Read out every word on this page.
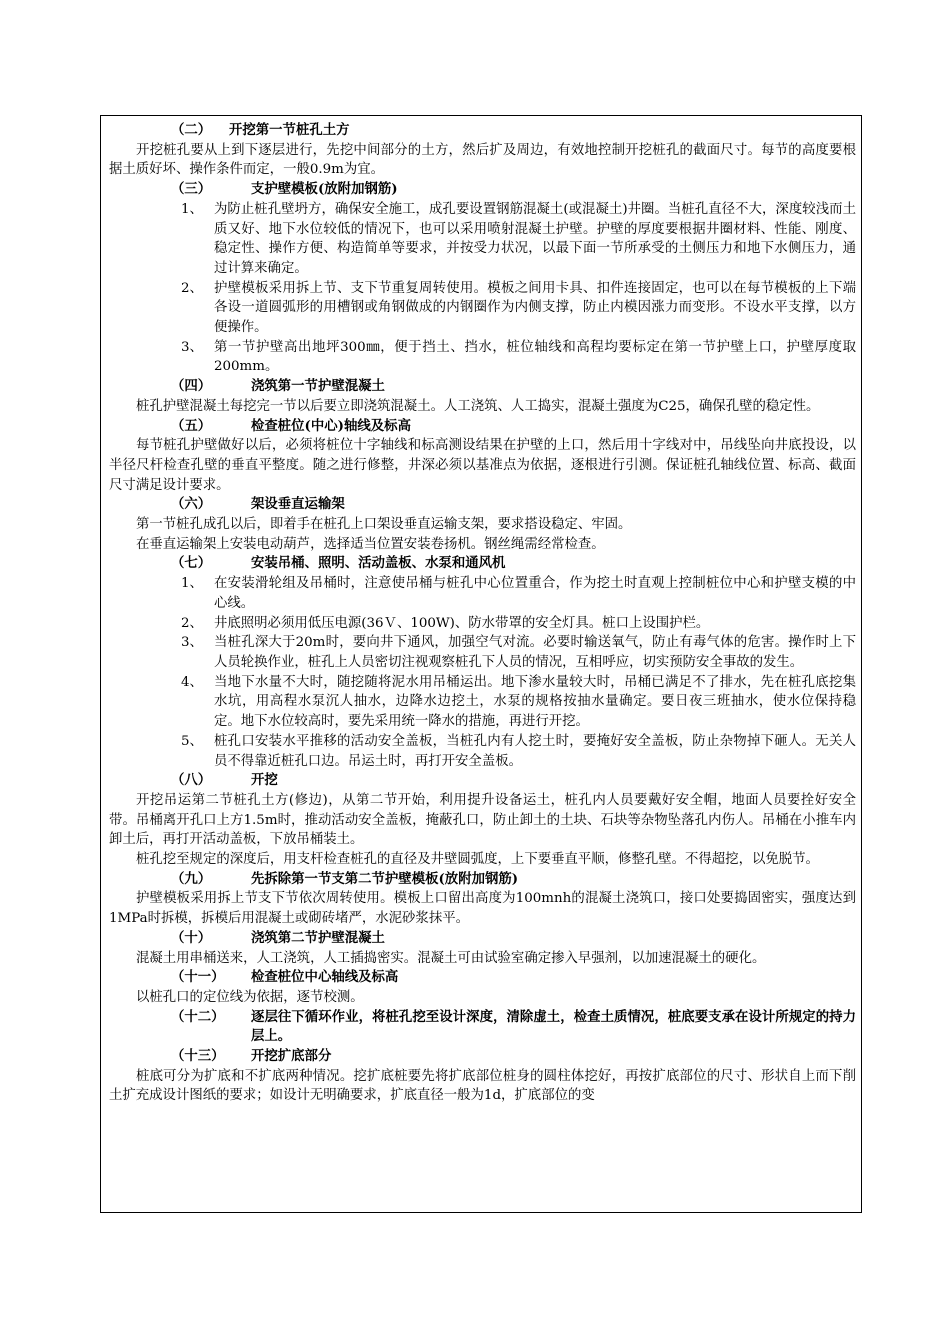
（二） 开挖第一节桩孔土方

开挖桩孔要从上到下逐层进行，先挖中间部分的土方，然后扩及周边，有效地控制开挖桩孔的截面尺寸。每节的高度要根据土质好坏、操作条件而定，一般0.9m为宜。

（三）	支护壁模板(放附加钢筋)
1、 为防止桩孔壁坍方，确保安全施工，成孔要设置钢筋混凝土(或混凝土)井圈。当桩孔直径不大，深度较浅而土质又好、地下水位较低的情况下，也可以采用喷射混凝土护壁。护壁的厚度要根据井圈材料、性能、刚度、稳定性、操作方便、构造简单等要求，并按受力状况，以最下面一节所承受的土侧压力和地下水侧压力，通过计算来确定。
2、 护壁模板采用拆上节、支下节重复周转使用。模板之间用卡具、扣件连接固定，也可以在每节模板的上下端各设一道圆弧形的用槽钢或角钢做成的内钢圈作为内侧支撑，防止内模因涨力而变形。不设水平支撑，以方便操作。
3、 第一节护壁高出地坪300㎜，便于挡土、挡水，桩位轴线和高程均要标定在第一节护壁上口，护壁厚度取200mm。
（四）	浇筑第一节护壁混凝土

桩孔护壁混凝土每挖完一节以后要立即浇筑混凝土。人工浇筑、人工捣实，混凝土强度为C25，确保孔壁的稳定性。

（五）	检查桩位(中心)轴线及标高

每节桩孔护壁做好以后，必须将桩位十字轴线和标高测设结果在护壁的上口，然后用十字线对中，吊线坠向井底投设，以半径尺杆检查孔壁的垂直平整度。随之进行修整，井深必须以基准点为依据，逐根进行引测。保证桩孔轴线位置、标高、截面尺寸满足设计要求。

（六）	架设垂直运输架

第一节桩孔成孔以后，即着手在桩孔上口架设垂直运输支架，要求搭设稳定、牢固。

在垂直运输架上安装电动葫芦，选择适当位置安装卷扬机。钢丝绳需经常检查。

（七）	安装吊桶、照明、活动盖板、水泵和通风机
1、 在安装滑轮组及吊桶时，注意使吊桶与桩孔中心位置重合，作为挖土时直观上控制桩位中心和护壁支模的中心线。
2、 井底照明必须用低压电源(36Ｖ、100W)、防水带罩的安全灯具。桩口上设围护栏。
3、 当桩孔深大于20m时，要向井下通风，加强空气对流。必要时输送氧气，防止有毒气体的危害。操作时上下人员轮换作业，桩孔上人员密切注视观察桩孔下人员的情况，互相呼应，切实预防安全事故的发生。
4、 当地下水量不大时，随挖随将泥水用吊桶运出。地下渗水量较大时，吊桶已满足不了排水，先在桩孔底挖集水坑，用高程水泵沉人抽水，边降水边挖土，水泵的规格按抽水量确定。要日夜三班抽水，使水位保持稳定。地下水位较高时，要先采用统一降水的措施，再进行开挖。
5、 桩孔口安装水平推移的活动安全盖板，当桩孔内有人挖土时，要掩好安全盖板，防止杂物掉下砸人。无关人员不得靠近桩孔口边。吊运土时，再打开安全盖板。
（八）	开挖

开挖吊运第二节桩孔土方(修边)，从第二节开始，利用提升设备运土，桩孔内人员要戴好安全帽，地面人员要拴好安全带。吊桶离开孔口上方1.5m时，推动活动安全盖板，掩蔽孔口，防止卸土的土块、石块等杂物坠落孔内伤人。吊桶在小推车内卸土后，再打开活动盖板，下放吊桶装土。

桩孔挖至规定的深度后，用支杆检查桩孔的直径及井壁圆弧度，上下要垂直平顺，修整孔壁。不得超挖，以免脱节。

（九）	先拆除第一节支第二节护壁模板(放附加钢筋)

护壁模板采用拆上节支下节依次周转使用。模板上口留出高度为100mnh的混凝土浇筑口，接口处要捣固密实，强度达到1MPa时拆模，拆模后用混凝土或砌砖堵严，水泥砂浆抹平。

（十）	浇筑第二节护壁混凝土

混凝土用串桶送来，人工浇筑，人工插捣密实。混凝土可由试验室确定掺入早强剂，以加速混凝土的硬化。

（十一） 检查桩位中心轴线及标高

以桩孔口的定位线为依据，逐节校测。

（十二）	逐层往下循环作业，将桩孔挖至设计深度，清除虚土，检查土质情况，桩底要支承在设计所规定的持力层上。
（十三） 开挖扩底部分

桩底可分为扩底和不扩底两种情况。挖扩底桩要先将扩底部位桩身的圆柱体挖好，再按扩底部位的尺寸、形状自上而下削土扩充成设计图纸的要求；如设计无明确要求，扩底直径一般为1d，扩底部位的变
